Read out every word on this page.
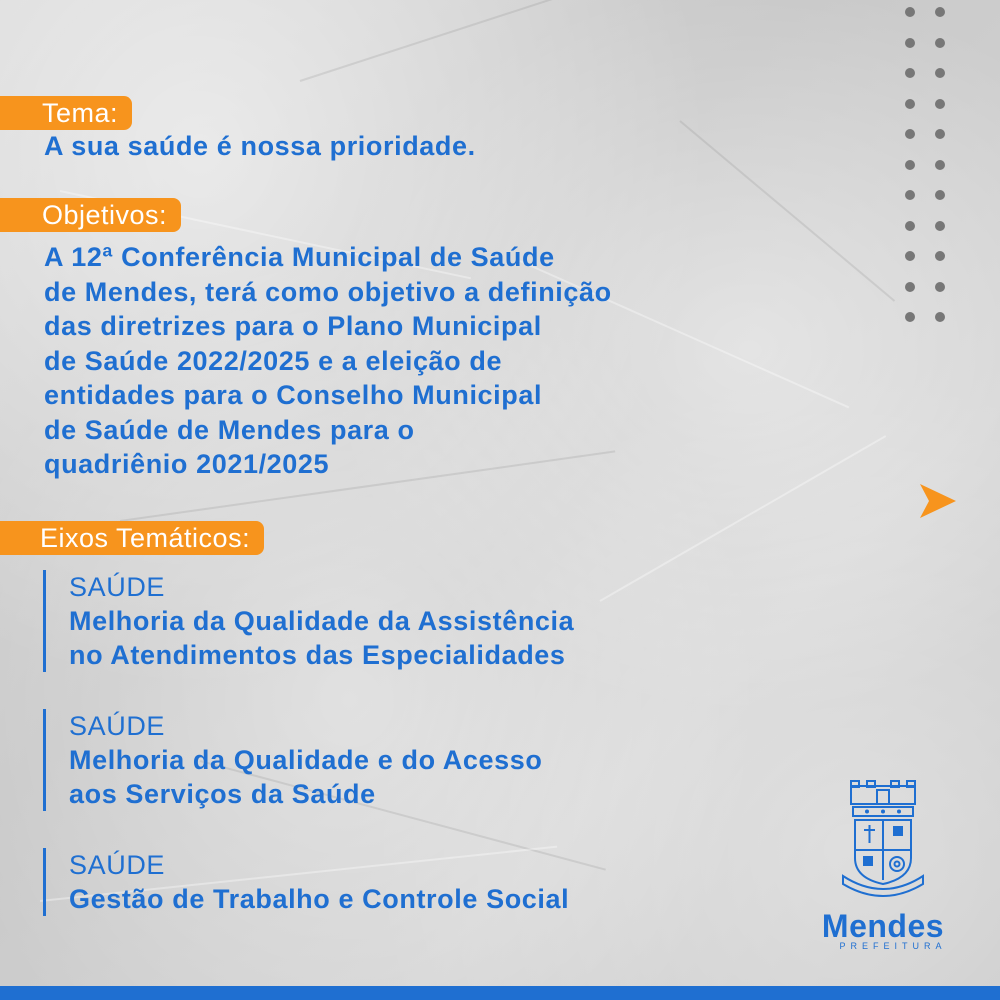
Tema:
A sua saúde é nossa prioridade.
Objetivos:
A 12ª Conferência Municipal de Saúde
de Mendes, terá como objetivo a definição
das diretrizes para o Plano Municipal
de Saúde 2022/2025 e a eleição de
entidades para o Conselho Municipal
de Saúde de Mendes para o
quadriênio 2021/2025
Eixos Temáticos:
SAÚDE
Melhoria da Qualidade da Assistência
no Atendimentos das Especialidades
SAÚDE
Melhoria da Qualidade e do Acesso
aos Serviços da Saúde
SAÚDE
Gestão de Trabalho e Controle Social
Mendes
PREFEITURA
